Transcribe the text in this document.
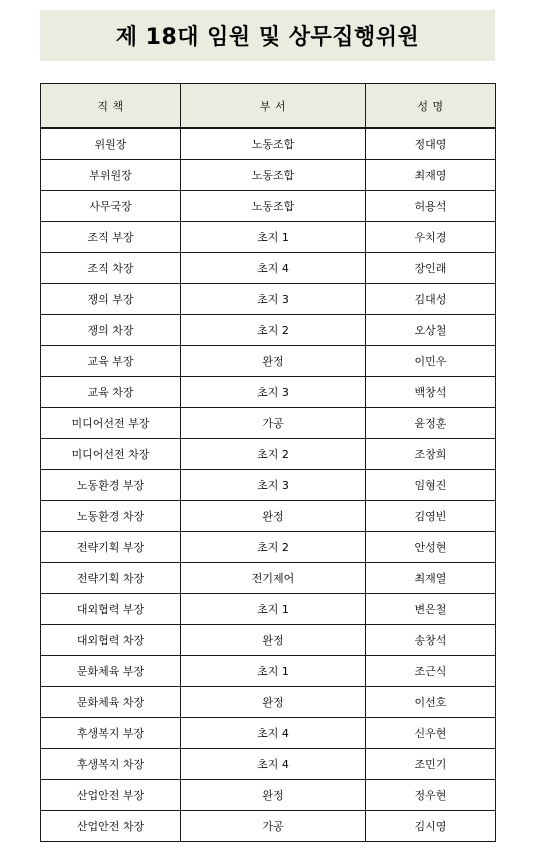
제 18대 임원 및 상무집행위원
직 책	부 서	성 명
위원장	노동조합	정대영
부위원장	노동조합	최재영
사무국장	노동조합	허용석
조직 부장	초지 1	우치경
조직 차장	초지 4	장인래
쟁의 부장	초지 3	김대성
쟁의 차장	초지 2	오상철
교육 부장	완정	이민우
교육 차장	초지 3	백창석
미디어선전 부장	가공	윤정훈
미디어선전 차장	초지 2	조창희
노동환경 부장	초지 3	임형진
노동환경 차장	완정	김영빈
전략기획 부장	초지 2	안성현
전략기획 차장	전기제어	최재열
대외협력 부장	초지 1	변은철
대외협력 차장	완정	송창석
문화체육 부장	초지 1	조근식
문화체육 차장	완정	이선호
후생복지 부장	초지 4	신우현
후생복지 차장	초지 4	조민기
산업안전 부장	완정	정우현
산업안전 차장	가공	김시영
